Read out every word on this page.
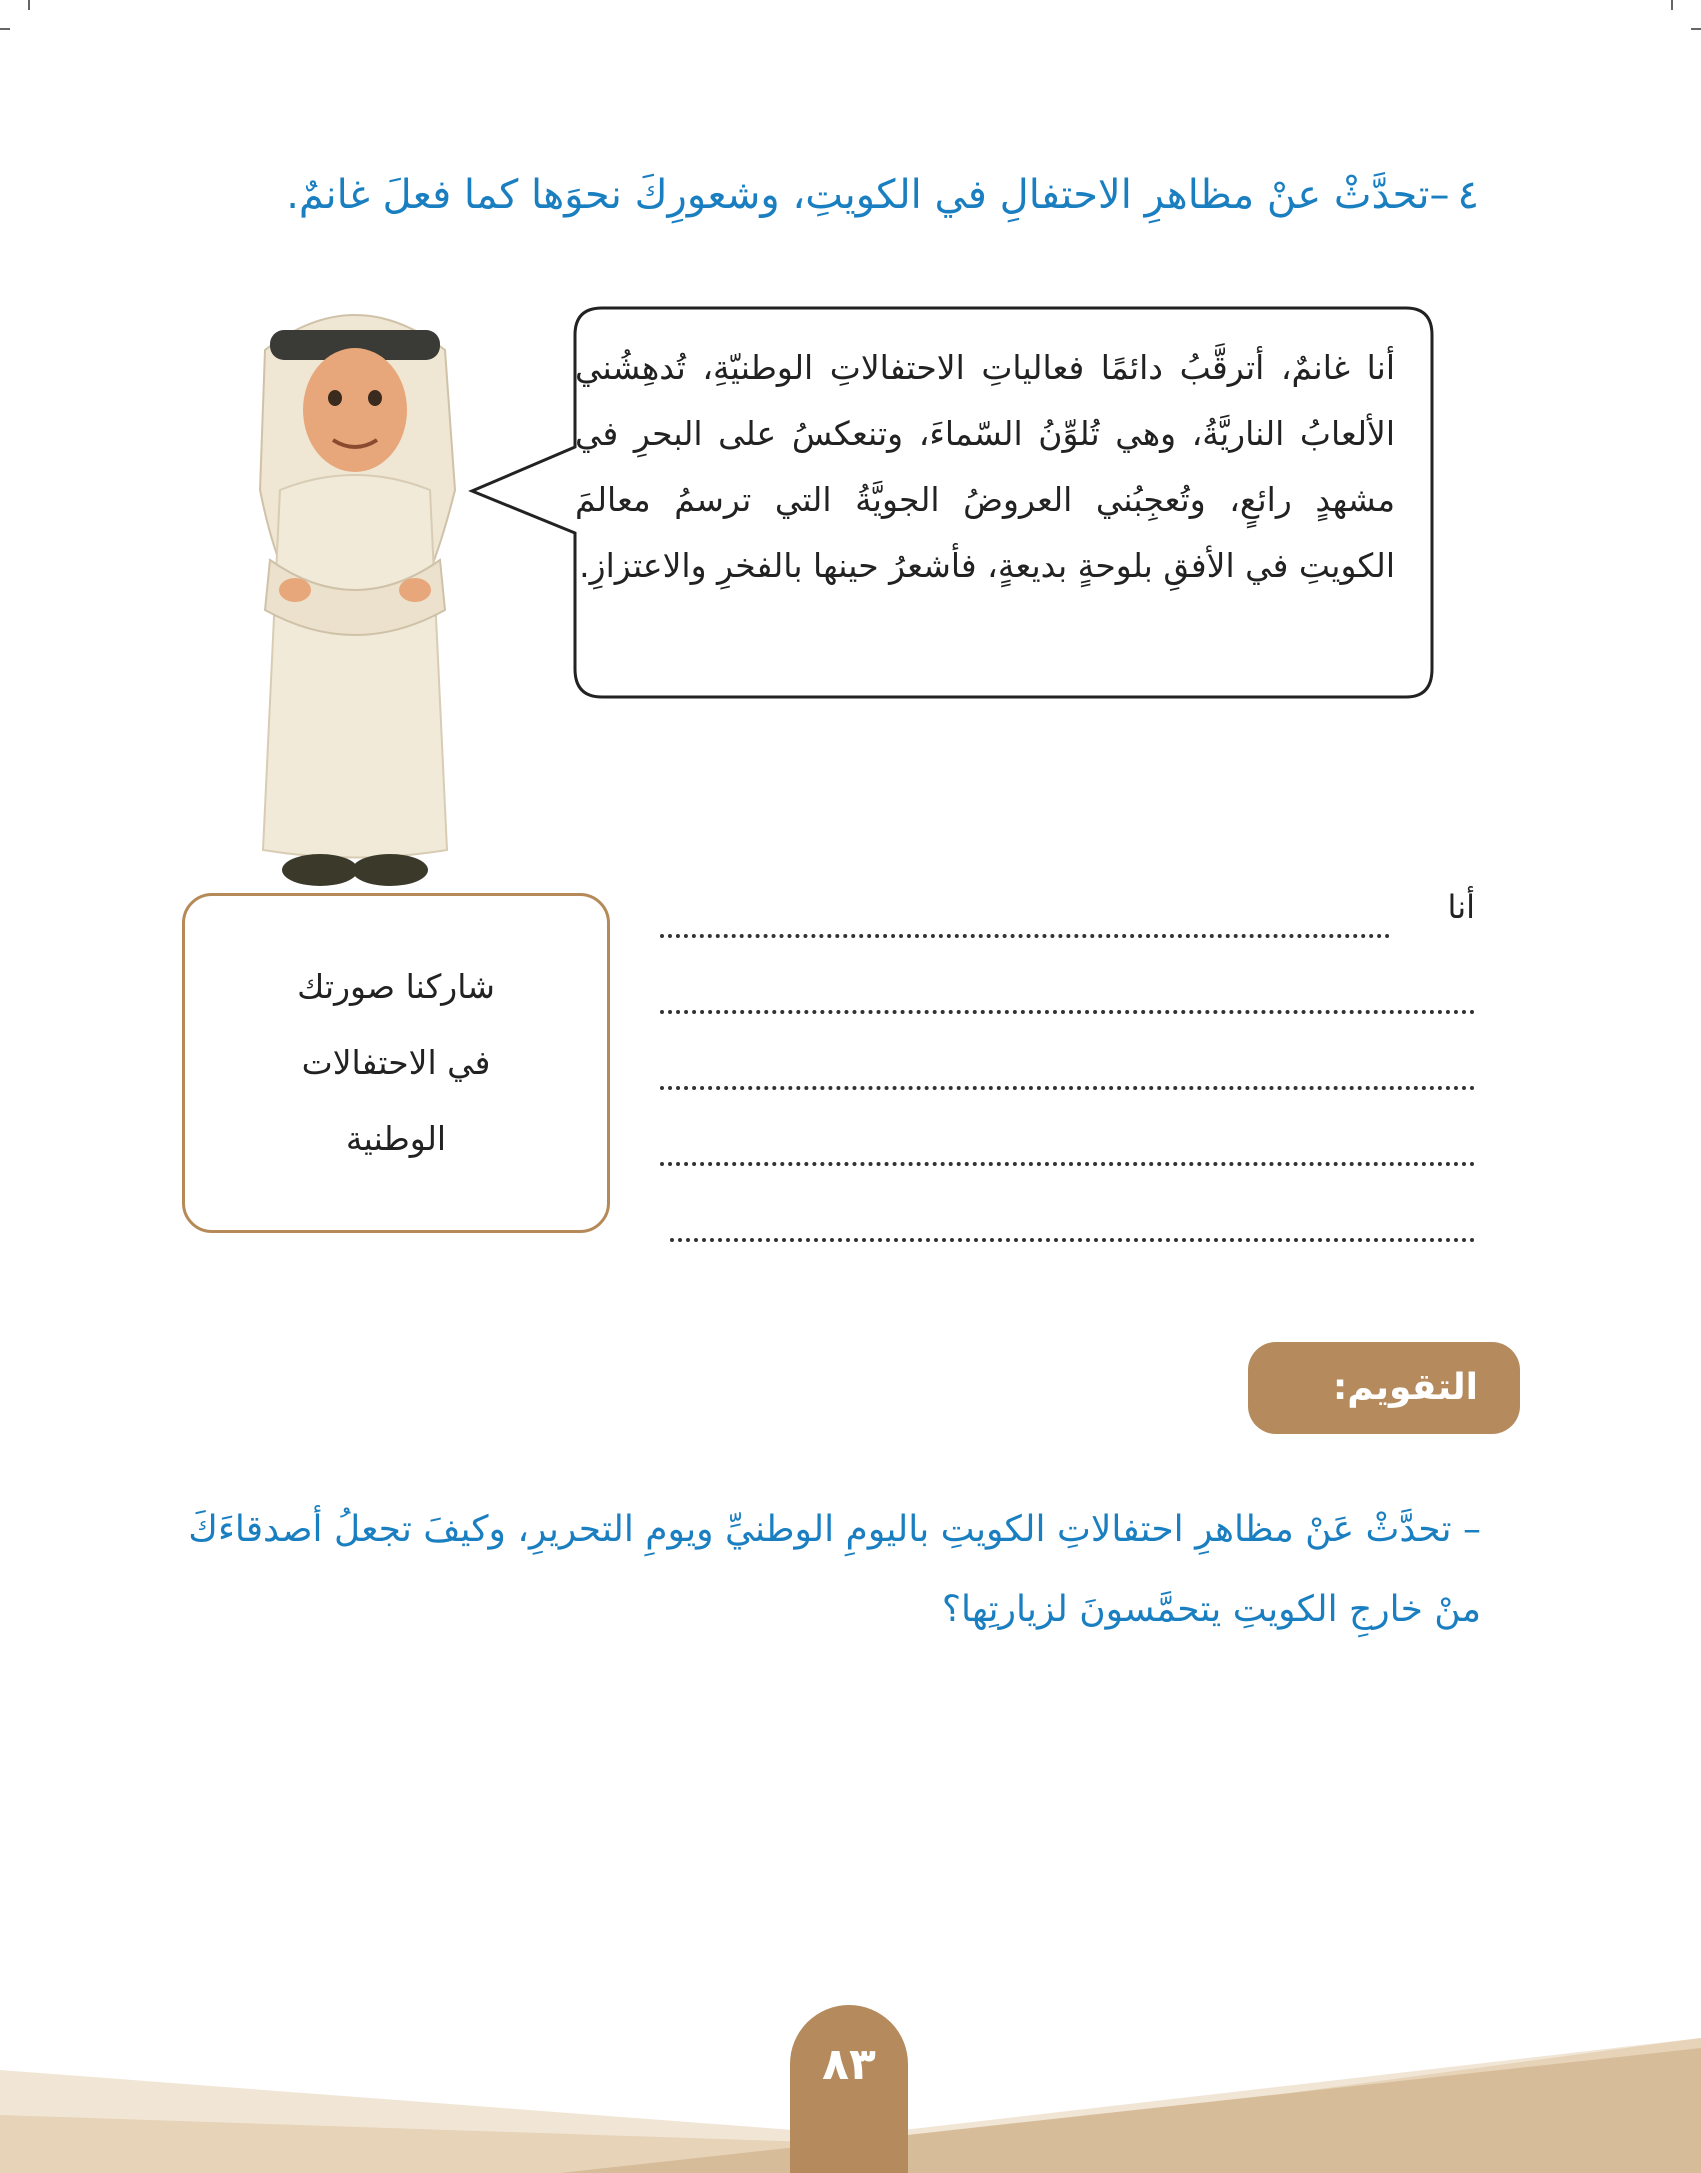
٤–تحدَّثْ عنْ مظاهرِ الاحتفالِ في الكويتِ، وشعورِكَ نحوَها كما فعلَ غانمٌ.
أنا غانمٌ، أترقَّبُ دائمًا فعالياتِ الاحتفالاتِ الوطنيّةِ، تُدهِشُني الألعابُ الناريَّةُ، وهي تُلوِّنُ السّماءَ، وتنعكسُ على البحرِ في مشهدٍ رائعٍ، وتُعجِبُني العروضُ الجويَّةُ التي ترسمُ معالمَ الكويتِ في الأفقِ بلوحةٍ بديعةٍ، فأشعرُ حينها بالفخرِ والاعتزازِ.
شاركنا صورتك
في الاحتفالات
الوطنية
أنا
التقويم:
– تحدَّثْ عَنْ مظاهرِ احتفالاتِ الكويتِ باليومِ الوطنيِّ ويومِ التحريرِ، وكيفَ تجعلُ أصدقاءَكَ منْ خارجِ الكويتِ يتحمَّسونَ لزيارتِها؟
٨٣
